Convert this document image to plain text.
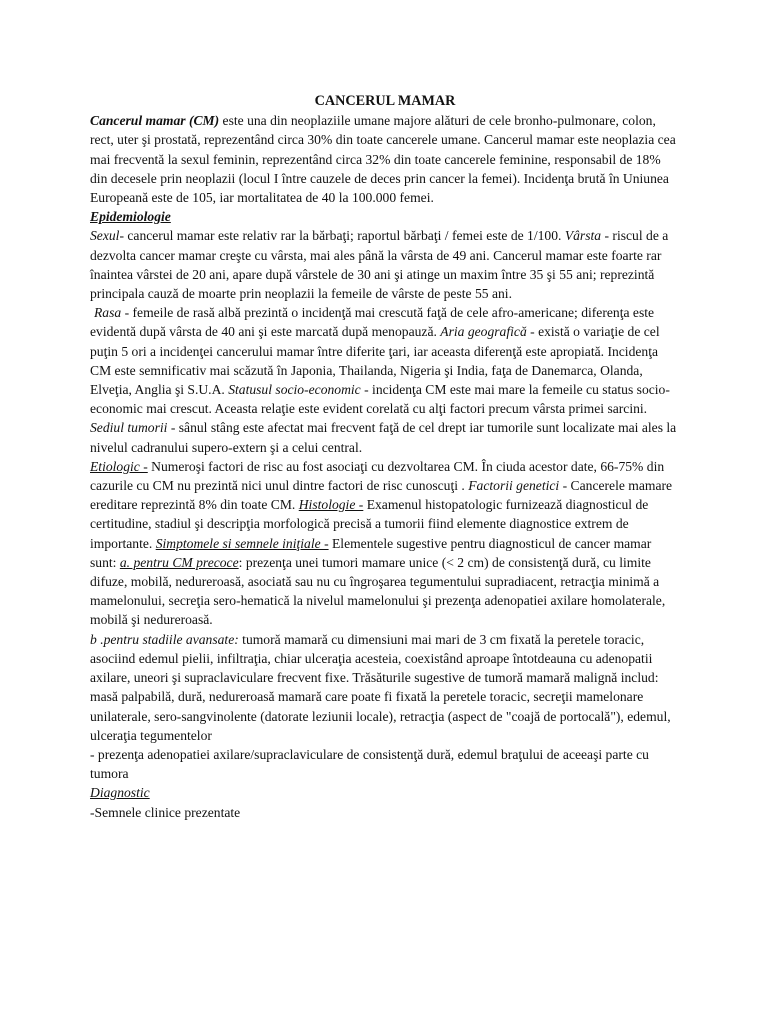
CANCERUL MAMAR

Cancerul mamar (CM) este una din neoplaziile umane majore alături de cele bronho-pulmonare, colon, rect, uter şi prostată, reprezentând circa 30% din toate cancerele umane. Cancerul mamar este neoplazia cea mai frecventă la sexul feminin, reprezentând circa 32% din toate cancerele feminine, responsabil de 18% din decesele prin neoplazii (locul I între cauzele de deces prin cancer la femei). Incidenţa brută în Uniunea Europeană este de 105, iar mortalitatea de 40 la 100.000 femei.

Epidemiologie

Sexul- cancerul mamar este relativ rar la bărbaţi; raportul bărbaţi / femei este de 1/100. Vârsta - riscul de a dezvolta cancer mamar creşte cu vârsta, mai ales până la vârsta de 49 ani. Cancerul mamar este foarte rar înaintea vârstei de 20 ani, apare după vârstele de 30 ani şi atinge un maxim între 35 şi 55 ani; reprezintă principala cauză de moarte prin neoplazii la femeile de vârste de peste 55 ani.

Rasa - femeile de rasă albă prezintă o incidenţă mai crescută faţă de cele afro-americane; diferenţa este evidentă după vârsta de 40 ani şi este marcată după menopauză. Aria geografică - există o variaţie de cel puţin 5 ori a incidenţei cancerului mamar între diferite ţari, iar aceasta diferenţă este apropiată. Incidenţa CM este semnificativ mai scăzută în Japonia, Thailanda, Nigeria şi India, faţa de Danemarca, Olanda, Elveţia, Anglia şi S.U.A. Statusul socio-economic - incidenţa CM este mai mare la femeile cu status socio-economic mai crescut. Aceasta relaţie este evident corelată cu alţi factori precum vârsta primei sarcini. Sediul tumorii - sânul stâng este afectat mai frecvent faţă de cel drept iar tumorile sunt localizate mai ales la nivelul cadranului supero-extern şi a celui central.

Etiologic - Numeroşi factori de risc au fost asociaţi cu dezvoltarea CM. În ciuda acestor date, 66-75% din cazurile cu CM nu prezintă nici unul dintre factori de risc cunoscuţi . Factorii genetici - Cancerele mamare ereditare reprezintă 8% din toate CM. Histologie - Examenul histopatologic furnizează diagnosticul de certitudine, stadiul şi descripţia morfologică precisă a tumorii fiind elemente diagnostice extrem de importante. Simptomele si semnele iniţiale - Elementele sugestive pentru diagnosticul de cancer mamar sunt: a. pentru CM precoce: prezenţa unei tumori mamare unice (< 2 cm) de consistenţă dură, cu limite difuze, mobilă, nedureroasă, asociată sau nu cu îngroşarea tegumentului supradiacent, retracţia minimă a mamelonului, secreţia sero-hematică la nivelul mamelonului şi prezenţa adenopatiei axilare homolaterale, mobilă şi nedureroasă.

b .pentru stadiile avansate: tumoră mamară cu dimensiuni mai mari de 3 cm fixată la peretele toracic, asociind edemul pielii, infiltraţia, chiar ulceraţia acesteia, coexistând aproape întotdeauna cu adenopatii axilare, uneori şi supraclaviculare frecvent fixe. Trăsăturile sugestive de tumoră mamară malignă includ: masă palpabilă, dură, nedureroasă mamară care poate fi fixată la peretele toracic, secreţii mamelonare unilaterale, sero-sangvinolente (datorate leziunii locale), retracţia (aspect de "coajă de portocală"), edemul, ulceraţia tegumentelor

- prezenţa adenopatiei axilare/supraclaviculare de consistenţă dură, edemul braţului de aceeaşi parte cu tumora

Diagnostic

-Semnele clinice prezentate
